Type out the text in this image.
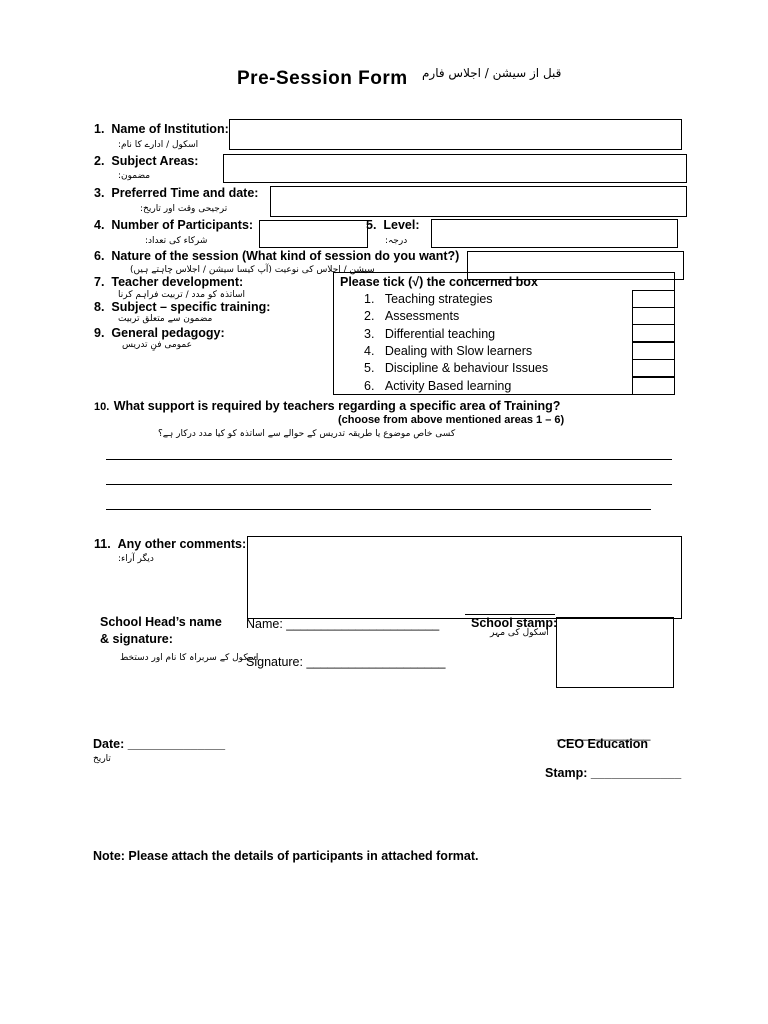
Pre-Session Form قبل از سیشن / اجلاس فارم
1. Name of Institution:
اسکول / ادارے کا نام:
2. Subject Areas:
مضمون:
3. Preferred Time and date:
ترجیحی وقت اور تاریخ:
4. Number of Participants:
شرکاء کی تعداد:
5. Level:
درجہ:
6. Nature of the session (What kind of session do you want?)
سیشن / اجلاس کی نوعیت (آپ کیسا سیشن / اجلاس چاہتے ہیں)
7. Teacher development:
اساتذہ کو مدد / تربیت فراہم کرنا
8. Subject – specific training:
مضمون سے متعلق تربیت
9. General pedagogy:
عمومی فنِ تدریس
Please tick (√) the concerned box
1. Teaching strategies
2. Assessments
3. Differential teaching
4. Dealing with Slow learners
5. Discipline & behaviour Issues
6. Activity Based learning
10. What support is required by teachers regarding a specific area of Training?
(choose from above mentioned areas 1 – 6)
کسی خاص موضوع یا طریقہ تدریس کے حوالے سے اساتذہ کو کیا مدد درکار ہے؟
11. Any other comments:
دیگر آراء:
School Head’s name
& signature:
اسکول کے سربراہ کا نام اور دستخط
Name: ______________________
Signature: ____________________
School stamp:
اسکول کی مہر
Date: ______________
تاریخ
______________
CEO Education
Stamp: _____________
Note: Please attach the details of participants in attached format.
